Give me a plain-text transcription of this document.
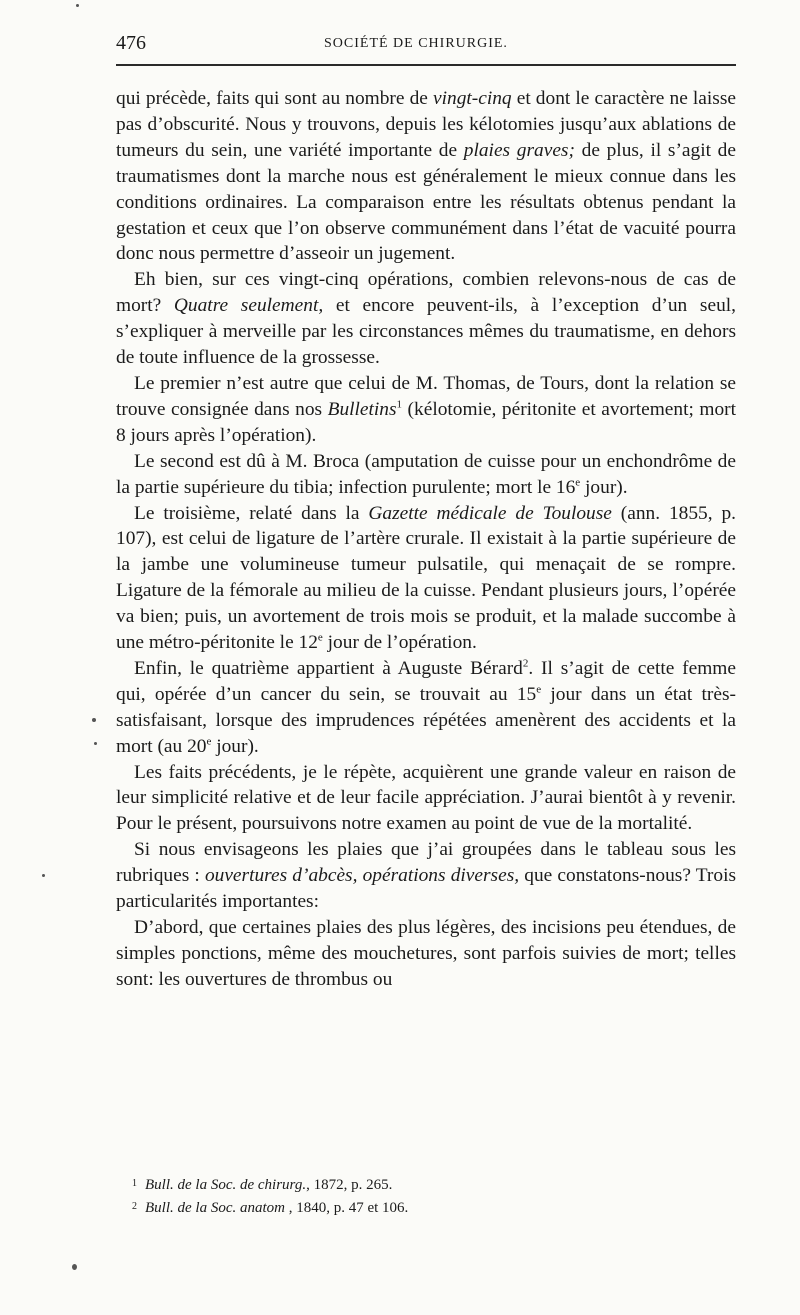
476	SOCIÉTÉ DE CHIRURGIE.

qui précède, faits qui sont au nombre de vingt-cinq et dont le caractère ne laisse pas d’obscurité. Nous y trouvons, depuis les kélotomies jusqu’aux ablations de tumeurs du sein, une variété importante de plaies graves; de plus, il s’agit de traumatismes dont la marche nous est généralement le mieux connue dans les conditions ordinaires. La comparaison entre les résultats obtenus pendant la gestation et ceux que l’on observe communément dans l’état de vacuité pourra donc nous permettre d’asseoir un jugement.

Eh bien, sur ces vingt-cinq opérations, combien relevons-nous de cas de mort? Quatre seulement, et encore peuvent-ils, à l’exception d’un seul, s’expliquer à merveille par les circonstances mêmes du traumatisme, en dehors de toute influence de la grossesse.

Le premier n’est autre que celui de M. Thomas, de Tours, dont la relation se trouve consignée dans nos Bulletins$^1$ (kélotomie, péritonite et avortement; mort 8 jours après l’opération).

Le second est dû à M. Broca (amputation de cuisse pour un enchondrôme de la partie supérieure du tibia; infection purulente; mort le 16e jour).

Le troisième, relaté dans la Gazette médicale de Toulouse (ann. 1855, p. 107), est celui de ligature de l’artère crurale. Il existait à la partie supérieure de la jambe une volumineuse tumeur pulsatile, qui menaçait de se rompre. Ligature de la fémorale au milieu de la cuisse. Pendant plusieurs jours, l’opérée va bien; puis, un avortement de trois mois se produit, et la malade succombe à une métro-péritonite le 12e jour de l’opération.

Enfin, le quatrième appartient à Auguste Bérard$^2$. Il s’agit de cette femme qui, opérée d’un cancer du sein, se trouvait au 15e jour dans un état très-satisfaisant, lorsque des imprudences répétées amenèrent des accidents et la mort (au 20e jour).

Les faits précédents, je le répète, acquièrent une grande valeur en raison de leur simplicité relative et de leur facile appréciation. J’aurai bientôt à y revenir. Pour le présent, poursuivons notre examen au point de vue de la mortalité.

Si nous envisageons les plaies que j’ai groupées dans le tableau sous les rubriques : ouvertures d’abcès, opérations diverses, que constatons-nous? Trois particularités importantes:

D’abord, que certaines plaies des plus légères, des incisions peu étendues, de simples ponctions, même des mouchetures, sont parfois suivies de mort; telles sont: les ouvertures de thrombus ou

$^1$ Bull. de la Soc. de chirurg., 1872, p. 265.

$^2$ Bull. de la Soc. anatom , 1840, p. 47 et 106.
